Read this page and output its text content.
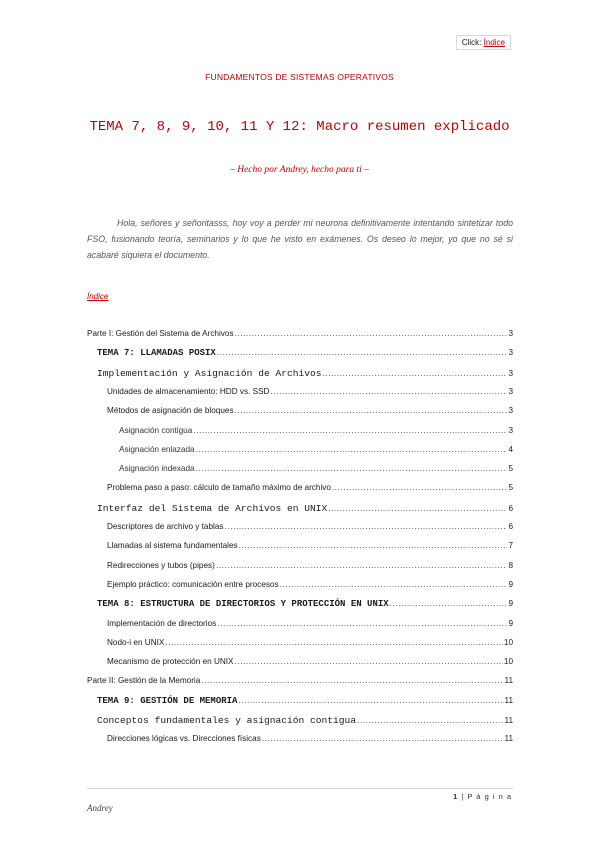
Click: Índice
FUNDAMENTOS DE SISTEMAS OPERATIVOS
TEMA 7, 8, 9, 10, 11 Y 12: Macro resumen explicado
– Hecho por Andrey, hecho para ti –
Hola, señores y señoritasss, hoy voy a perder mi neurona definitivamente intentando sintetizar todo FSO, fusionando teoría, seminarios y lo que he visto en exámenes. Os deseo lo mejor, yo que no sé si acabaré siquiera el documento.
Índice
Parte I: Gestión del Sistema de Archivos .....	3
TEMA 7: LLAMADAS POSIX .....	3
Implementación y Asignación de Archivos .....	3
Unidades de almacenamiento: HDD vs. SSD .....	3
Métodos de asignación de bloques .....	3
Asignación contigua .....	3
Asignación enlazada .....	4
Asignación indexada .....	5
Problema paso a paso: cálculo de tamaño máximo de archivo .....	5
Interfaz del Sistema de Archivos en UNIX .....	6
Descriptores de archivo y tablas .....	6
Llamadas al sistema fundamentales .....	7
Redirecciones y tubos (pipes) .....	8
Ejemplo práctico: comunicación entre procesos .....	9
TEMA 8: ESTRUCTURA DE DIRECTORIOS Y PROTECCIÓN EN UNIX .....	9
Implementación de directorios .....	9
Nodo-i en UNIX .....	10
Mecanismo de protección en UNIX .....	10
Parte II: Gestión de la Memoria .....	11
TEMA 9: GESTIÓN DE MEMORIA .....	11
Conceptos fundamentales y asignación contigua .....	11
Direcciones lógicas vs. Direcciones físicas .....	11
1 | P á g i n a
Andrey
